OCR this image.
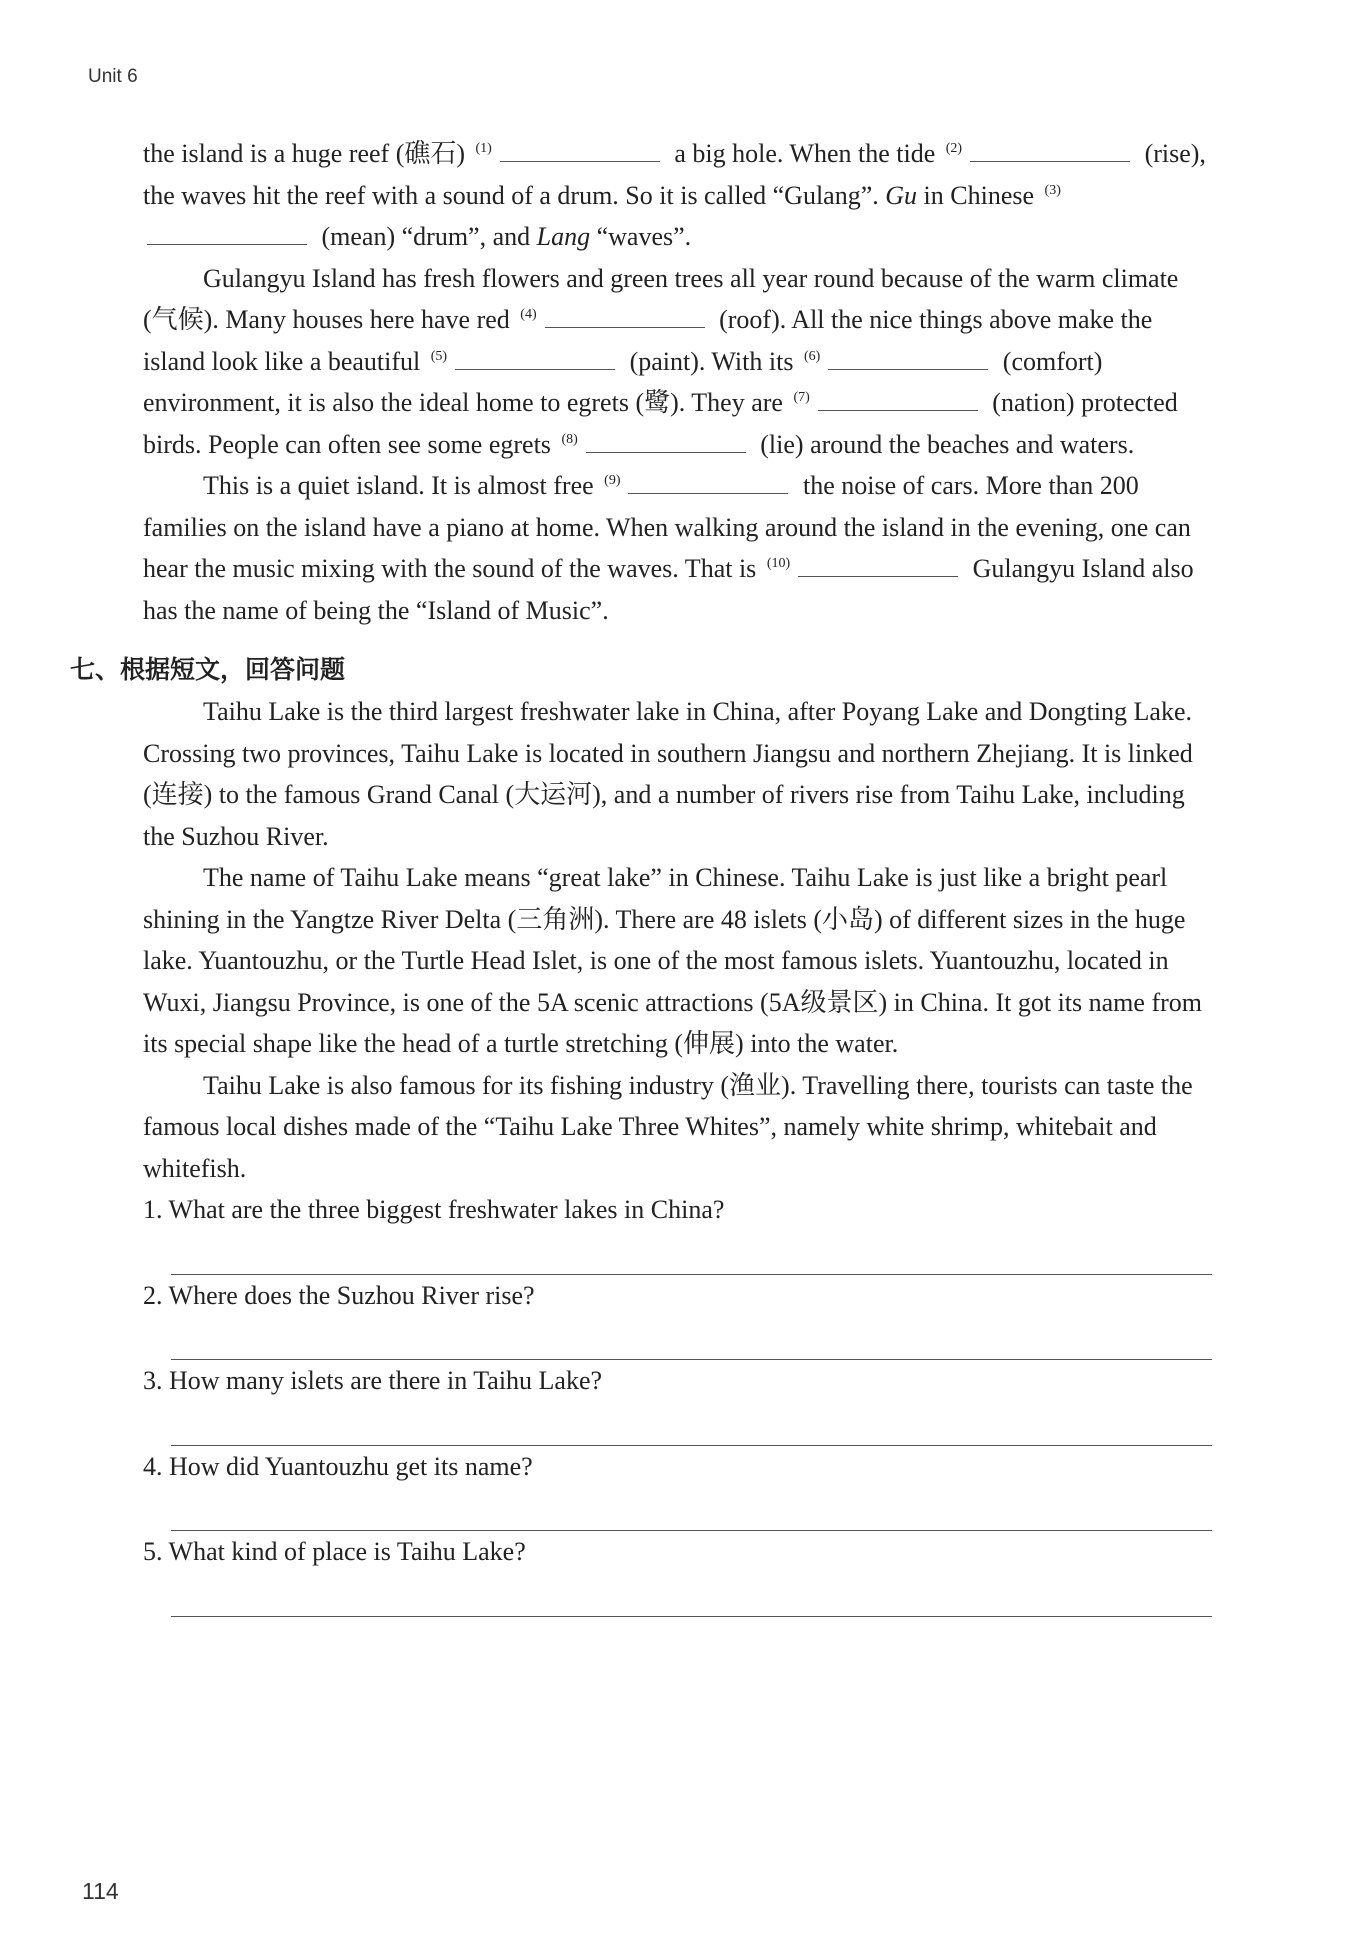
Unit 6

the island is a huge reef (礁石) $^{(1)}$	a big hole. When the tide $^{(2)}$	(rise), the waves hit the reef with a sound of a drum. So it is called “Gulang”. Gu in Chinese $^{(3)}$ (mean) “drum”, and Lang “waves”.

Gulangyu Island has fresh flowers and green trees all year round because of the warm climate (气候). Many houses here have red $^{(4)}$	(roof). All the nice things above make the island look like a beautiful $^{(5)}$	(paint). With its $^{(6)}$	(comfort) environment, it is also the ideal home to egrets (鹭). They are $^{(7)}$	(nation) protected birds. People can often see some egrets $^{(8)}$	(lie) around the beaches and waters.

This is a quiet island. It is almost free $^{(9)}$	the noise of cars. More than 200 families on the island have a piano at home. When walking around the island in the evening, one can hear the music mixing with the sound of the waves. That is $^{(10)}$	Gulangyu Island also has the name of being the “Island of Music”.

七、根据短文，回答问题

Taihu Lake is the third largest freshwater lake in China, after Poyang Lake and Dongting Lake. Crossing two provinces, Taihu Lake is located in southern Jiangsu and northern Zhejiang. It is linked (连接) to the famous Grand Canal (大运河), and a number of rivers rise from Taihu Lake, including the Suzhou River.

The name of Taihu Lake means “great lake” in Chinese. Taihu Lake is just like a bright pearl shining in the Yangtze River Delta (三角洲). There are 48 islets (小岛) of different sizes in the huge lake. Yuantouzhu, or the Turtle Head Islet, is one of the most famous islets. Yuantouzhu, located in Wuxi, Jiangsu Province, is one of the 5A scenic attractions (5A级景区) in China. It got its name from its special shape like the head of a turtle stretching (伸展) into the water.

Taihu Lake is also famous for its fishing industry (渔业). Travelling there, tourists can taste the famous local dishes made of the “Taihu Lake Three Whites”, namely white shrimp, whitebait and whitefish.

1. What are the three biggest freshwater lakes in China?

2. Where does the Suzhou River rise?

3. How many islets are there in Taihu Lake?

4. How did Yuantouzhu get its name?

5. What kind of place is Taihu Lake?

114
